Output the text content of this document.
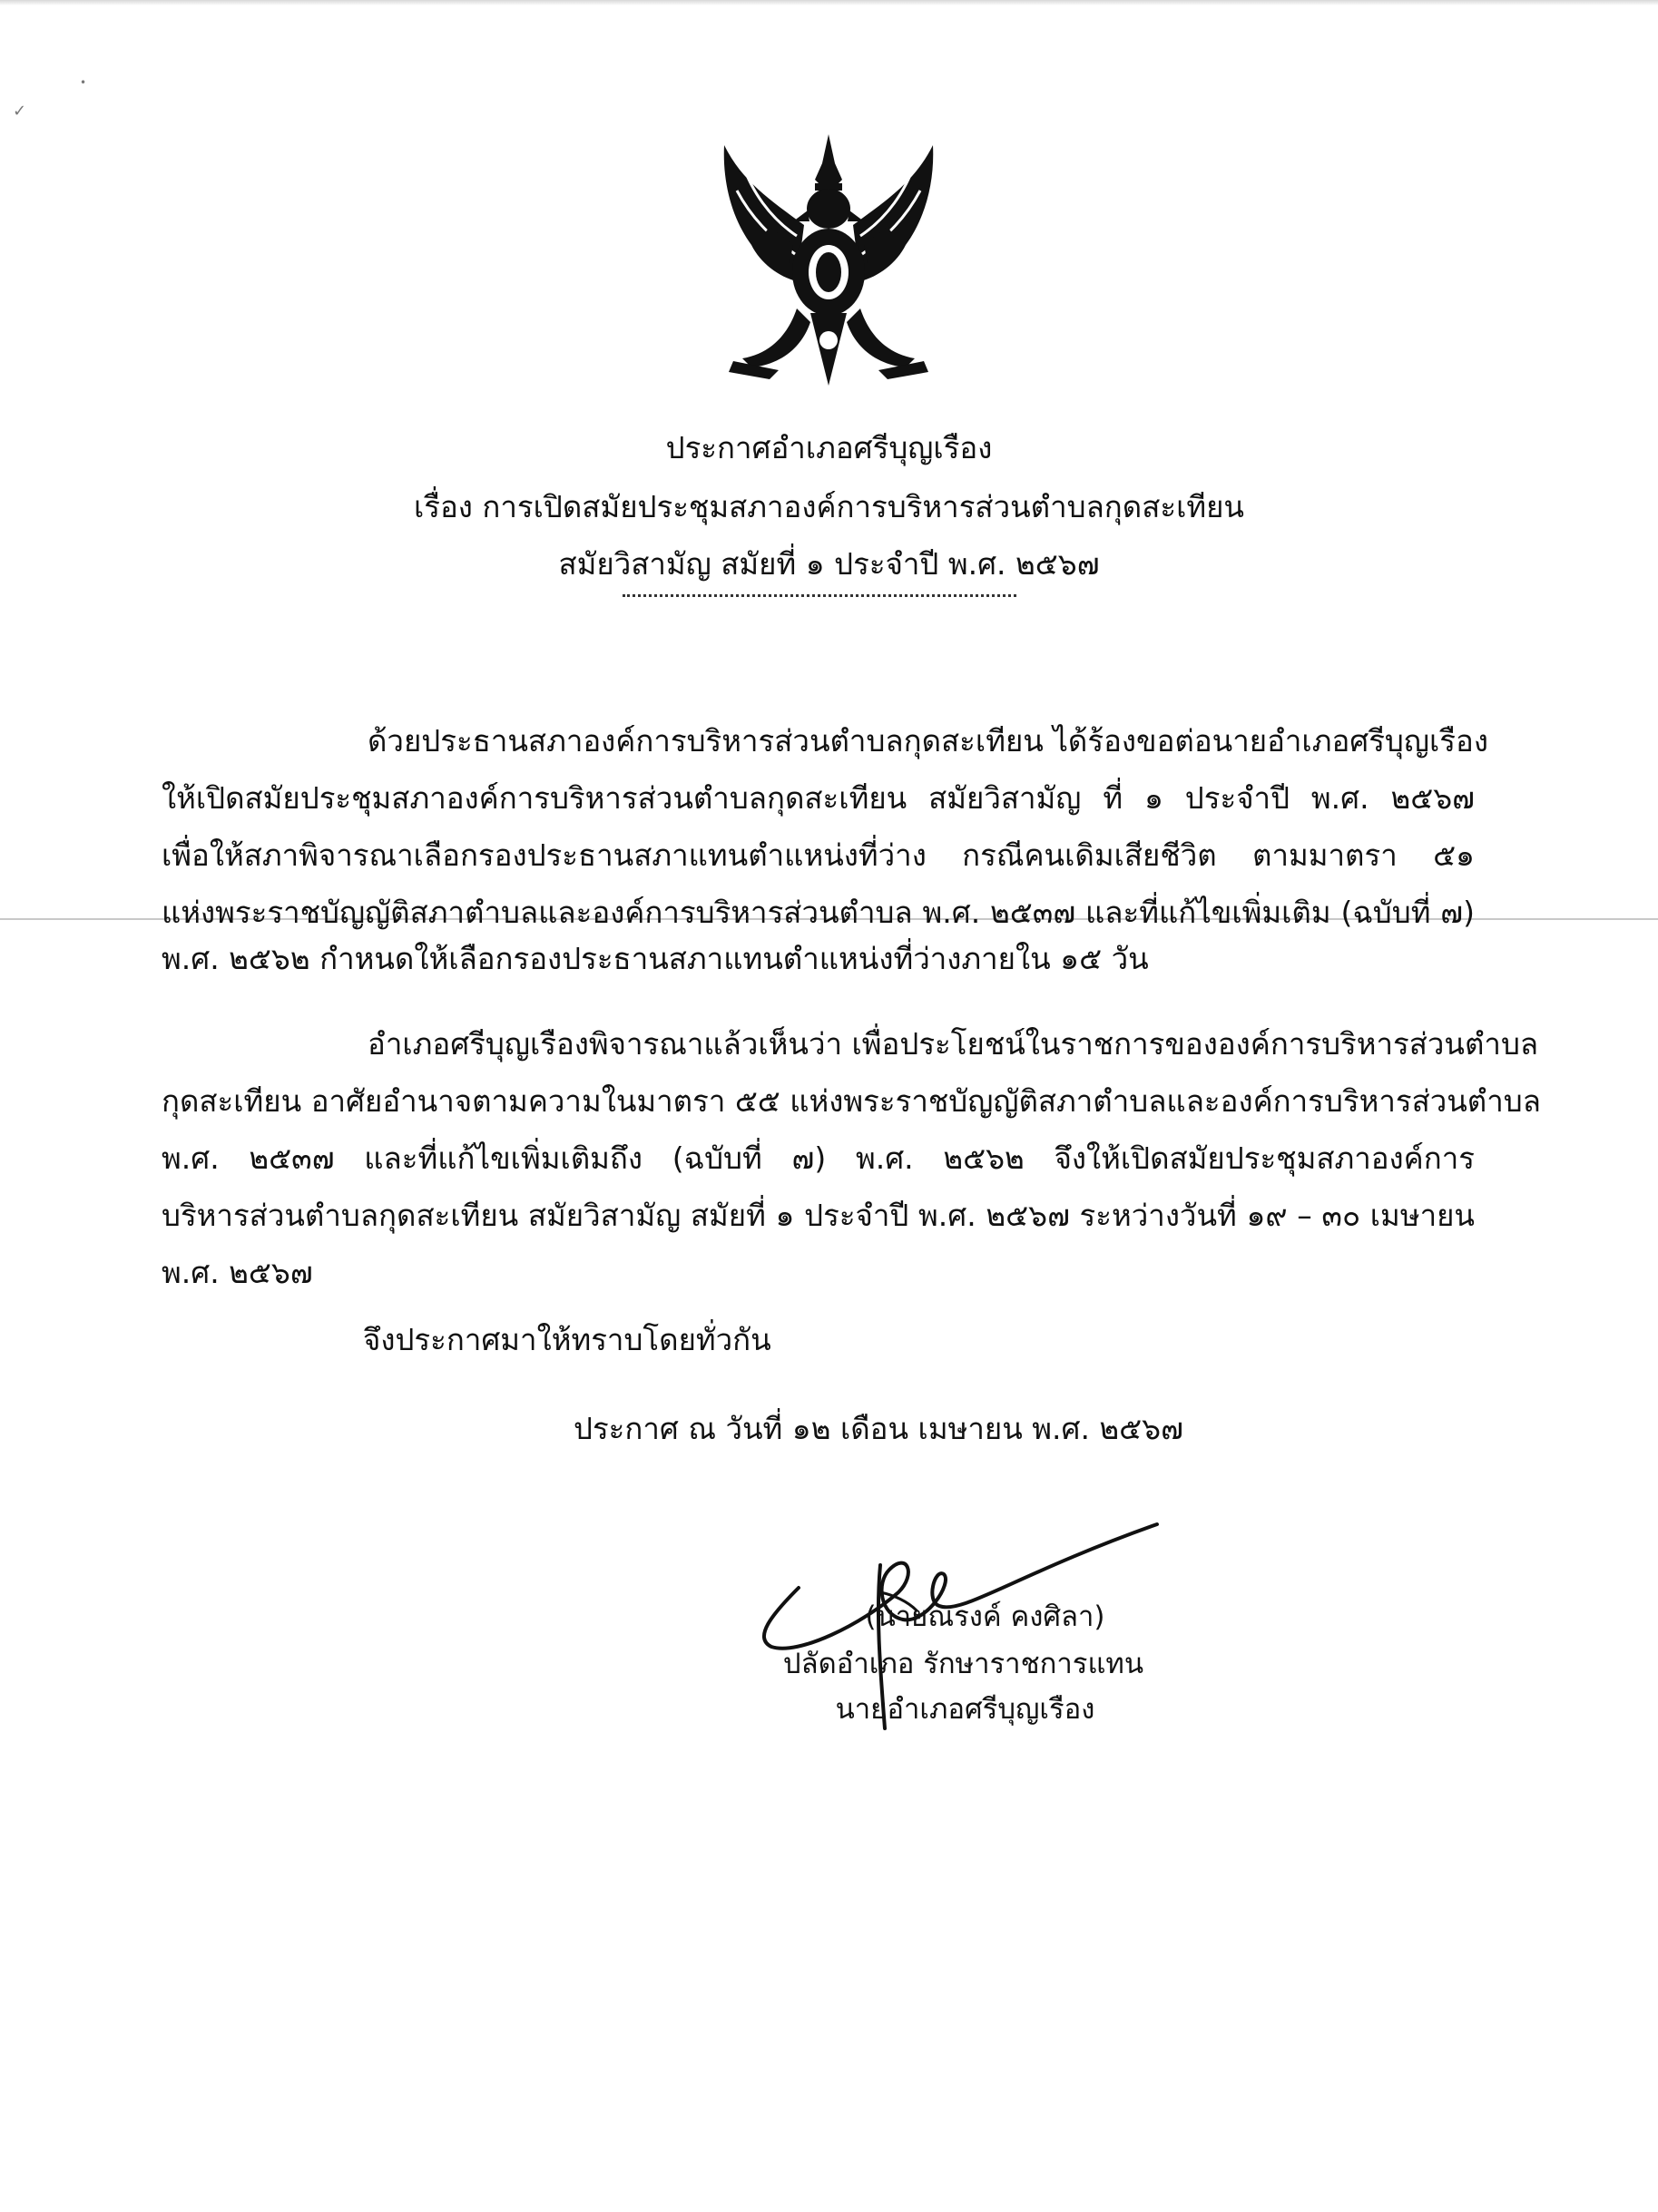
✓
•
ประกาศอำเภอศรีบุญเรือง
เรื่อง การเปิดสมัยประชุมสภาองค์การบริหารส่วนตำบลกุดสะเทียน
สมัยวิสามัญ สมัยที่ ๑ ประจำปี พ.ศ. ๒๕๖๗
ด้วยประธานสภาองค์การบริหารส่วนตำบลกุดสะเทียน ได้ร้องขอต่อนายอำเภอศรีบุญเรือง
ให้เปิดสมัยประชุมสภาองค์การบริหารส่วนตำบลกุดสะเทียน สมัยวิสามัญ ที่ ๑ ประจำปี พ.ศ. ๒๕๖๗
เพื่อให้สภาพิจารณาเลือกรองประธานสภาแทนตำแหน่งที่ว่าง กรณีคนเดิมเสียชีวิต ตามมาตรา ๕๑
แห่งพระราชบัญญัติสภาตำบลและองค์การบริหารส่วนตำบล พ.ศ. ๒๕๓๗ และที่แก้ไขเพิ่มเติม (ฉบับที่ ๗)
พ.ศ. ๒๕๖๒ กำหนดให้เลือกรองประธานสภาแทนตำแหน่งที่ว่างภายใน ๑๕ วัน
อำเภอศรีบุญเรืองพิจารณาแล้วเห็นว่า เพื่อประโยชน์ในราชการขององค์การบริหารส่วนตำบล
กุดสะเทียน อาศัยอำนาจตามความในมาตรา ๕๕ แห่งพระราชบัญญัติสภาตำบลและองค์การบริหารส่วนตำบล
พ.ศ. ๒๕๓๗ และที่แก้ไขเพิ่มเติมถึง (ฉบับที่ ๗) พ.ศ. ๒๕๖๒ จึงให้เปิดสมัยประชุมสภาองค์การ
บริหารส่วนตำบลกุดสะเทียน สมัยวิสามัญ สมัยที่ ๑ ประจำปี พ.ศ. ๒๕๖๗ ระหว่างวันที่ ๑๙ – ๓๐ เมษายน
พ.ศ. ๒๕๖๗
จึงประกาศมาให้ทราบโดยทั่วกัน
ประกาศ ณ วันที่ ๑๒ เดือน เมษายน พ.ศ. ๒๕๖๗
(นายณรงค์ คงศิลา)
ปลัดอำเภอ รักษาราชการแทน
นายอำเภอศรีบุญเรือง
